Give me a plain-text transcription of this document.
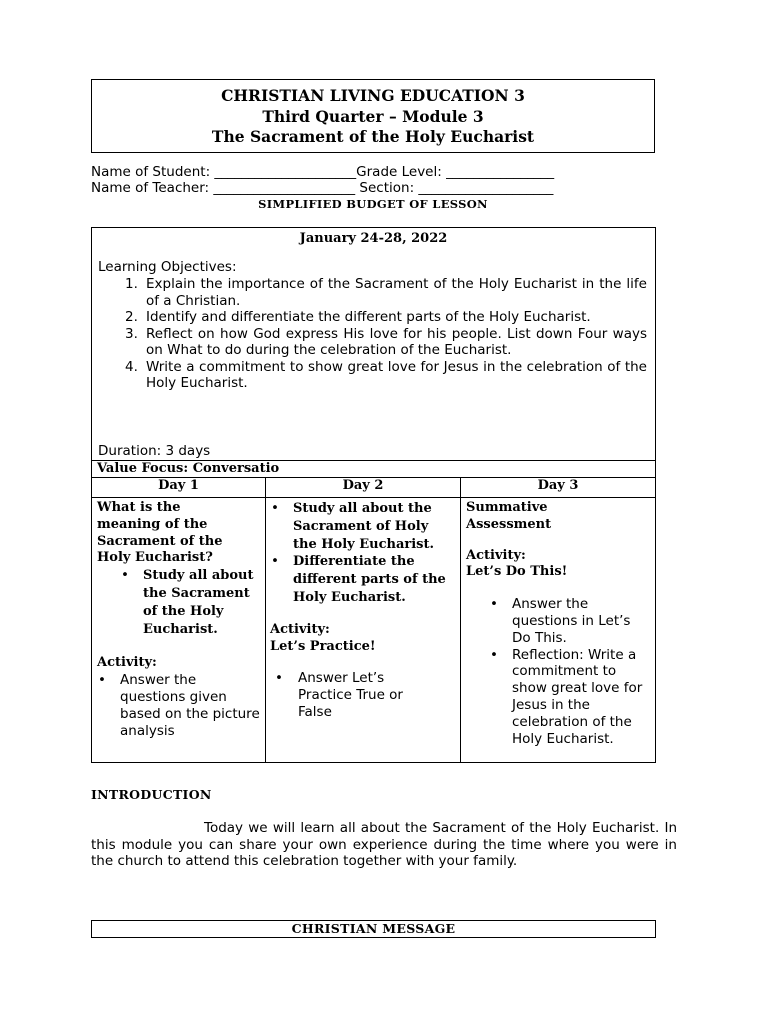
CHRISTIAN LIVING EDUCATION 3
Third Quarter – Module 3
The Sacrament of the Holy Eucharist
Name of Student: _____________________Grade Level: ________________
Name of Teacher: _____________________ Section: ____________________
SIMPLIFIED BUDGET OF LESSON
January 24-28, 2022
Learning Objectives:
1. Explain the importance of the Sacrament of the Holy Eucharist in the life of a Christian.
2. Identify and differentiate the different parts of the Holy Eucharist.
3. Reflect on how God express His love for his people. List down Four ways on What to do during the celebration of the Eucharist.
4. Write a commitment to show great love for Jesus in the celebration of the Holy Eucharist.
Duration: 3 days
Value Focus: Conversatio
Day 1	Day 2	Day 3
What is the meaning of the Sacrament of the Holy Eucharist?
• Study all about the Sacrament of the Holy Eucharist.
Activity:
• Answer the questions given based on the picture analysis
• Study all about the Sacrament of Holy the Holy Eucharist.
• Differentiate the different parts of the Holy Eucharist.
Activity:
Let’s Practice!
• Answer Let’s Practice True or False
Summative Assessment
Activity:
Let’s Do This!
• Answer the questions in Let’s Do This.
• Reflection: Write a commitment to show great love for Jesus in the celebration of the Holy Eucharist.
INTRODUCTION
Today we will learn all about the Sacrament of the Holy Eucharist. In this module you can share your own experience during the time where you were in the church to attend this celebration together with your family.
CHRISTIAN MESSAGE
